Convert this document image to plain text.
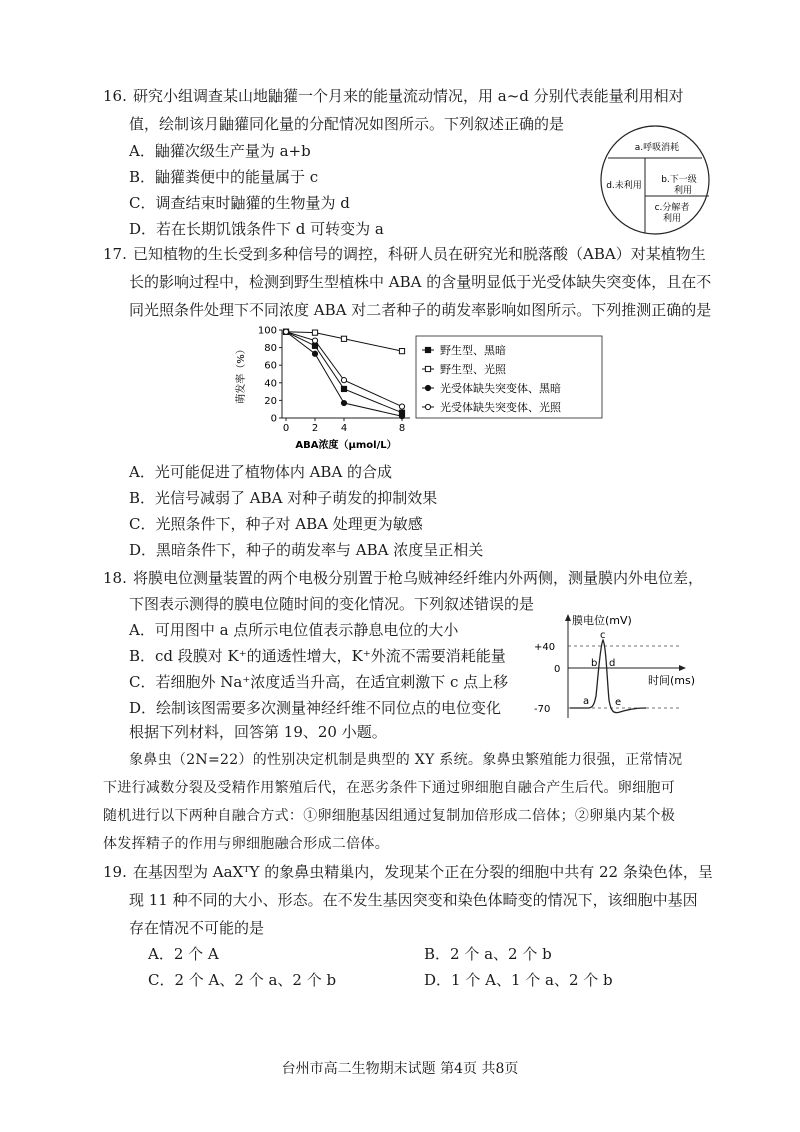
16. 研究小组调查某山地鼬獾一个月来的能量流动情况，用 a~d 分别代表能量利用相对
值，绘制该月鼬獾同化量的分配情况如图所示。下列叙述正确的是
A．鼬獾次级生产量为 a+b
B．鼬獾粪便中的能量属于 c
C．调查结束时鼬獾的生物量为 d
D．若在长期饥饿条件下 d 可转变为 a
a.呼吸消耗
d.未利用
b.下一级
利用
c.分解者
利用
17. 已知植物的生长受到多种信号的调控，科研人员在研究光和脱落酸（ABA）对某植物生
长的影响过程中，检测到野生型植株中 ABA 的含量明显低于光受体缺失突变体，且在不
同光照条件处理下不同浓度 ABA 对二者种子的萌发率影响如图所示。下列推测正确的是
萌发率（%）
ABA浓度（μmol/L）
0
20
40
60
80
100
0 2 4	8
野生型、黑暗
野生型、光照
光受体缺失突变体、黑暗
光受体缺失突变体、光照
A．光可能促进了植物体内 ABA 的合成
B．光信号减弱了 ABA 对种子萌发的抑制效果
C．光照条件下，种子对 ABA 处理更为敏感
D．黑暗条件下，种子的萌发率与 ABA 浓度呈正相关
18. 将膜电位测量装置的两个电极分别置于枪乌贼神经纤维内外两侧，测量膜内外电位差，
下图表示测得的膜电位随时间的变化情况。下列叙述错误的是
A．可用图中 a 点所示电位值表示静息电位的大小
B．cd 段膜对 K⁺的通透性增大，K⁺外流不需要消耗能量
C．若细胞外 Na⁺浓度适当升高，在适宜刺激下 c 点上移
D．绘制该图需要多次测量神经纤维不同位点的电位变化
膜电位(mV)
时间(ms)
+40
0
-70
a
b
c
d
e
根据下列材料，回答第 19、20 小题。
象鼻虫（2N=22）的性别决定机制是典型的 XY 系统。象鼻虫繁殖能力很强，正常情况
下进行减数分裂及受精作用繁殖后代，在恶劣条件下通过卵细胞自融合产生后代。卵细胞可
随机进行以下两种自融合方式：①卵细胞基因组通过复制加倍形成二倍体；②卵巢内某个极
体发挥精子的作用与卵细胞融合形成二倍体。
19. 在基因型为 AaXᵀY 的象鼻虫精巢内，发现某个正在分裂的细胞中共有 22 条染色体，呈
现 11 种不同的大小、形态。在不发生基因突变和染色体畸变的情况下，该细胞中基因
存在情况不可能的是
A．2 个 A	B．2 个 a、2 个 b
C．2 个 A、2 个 a、2 个 b	D．1 个 A、1 个 a、2 个 b
台州市高二生物期末试题 第4页 共8页
